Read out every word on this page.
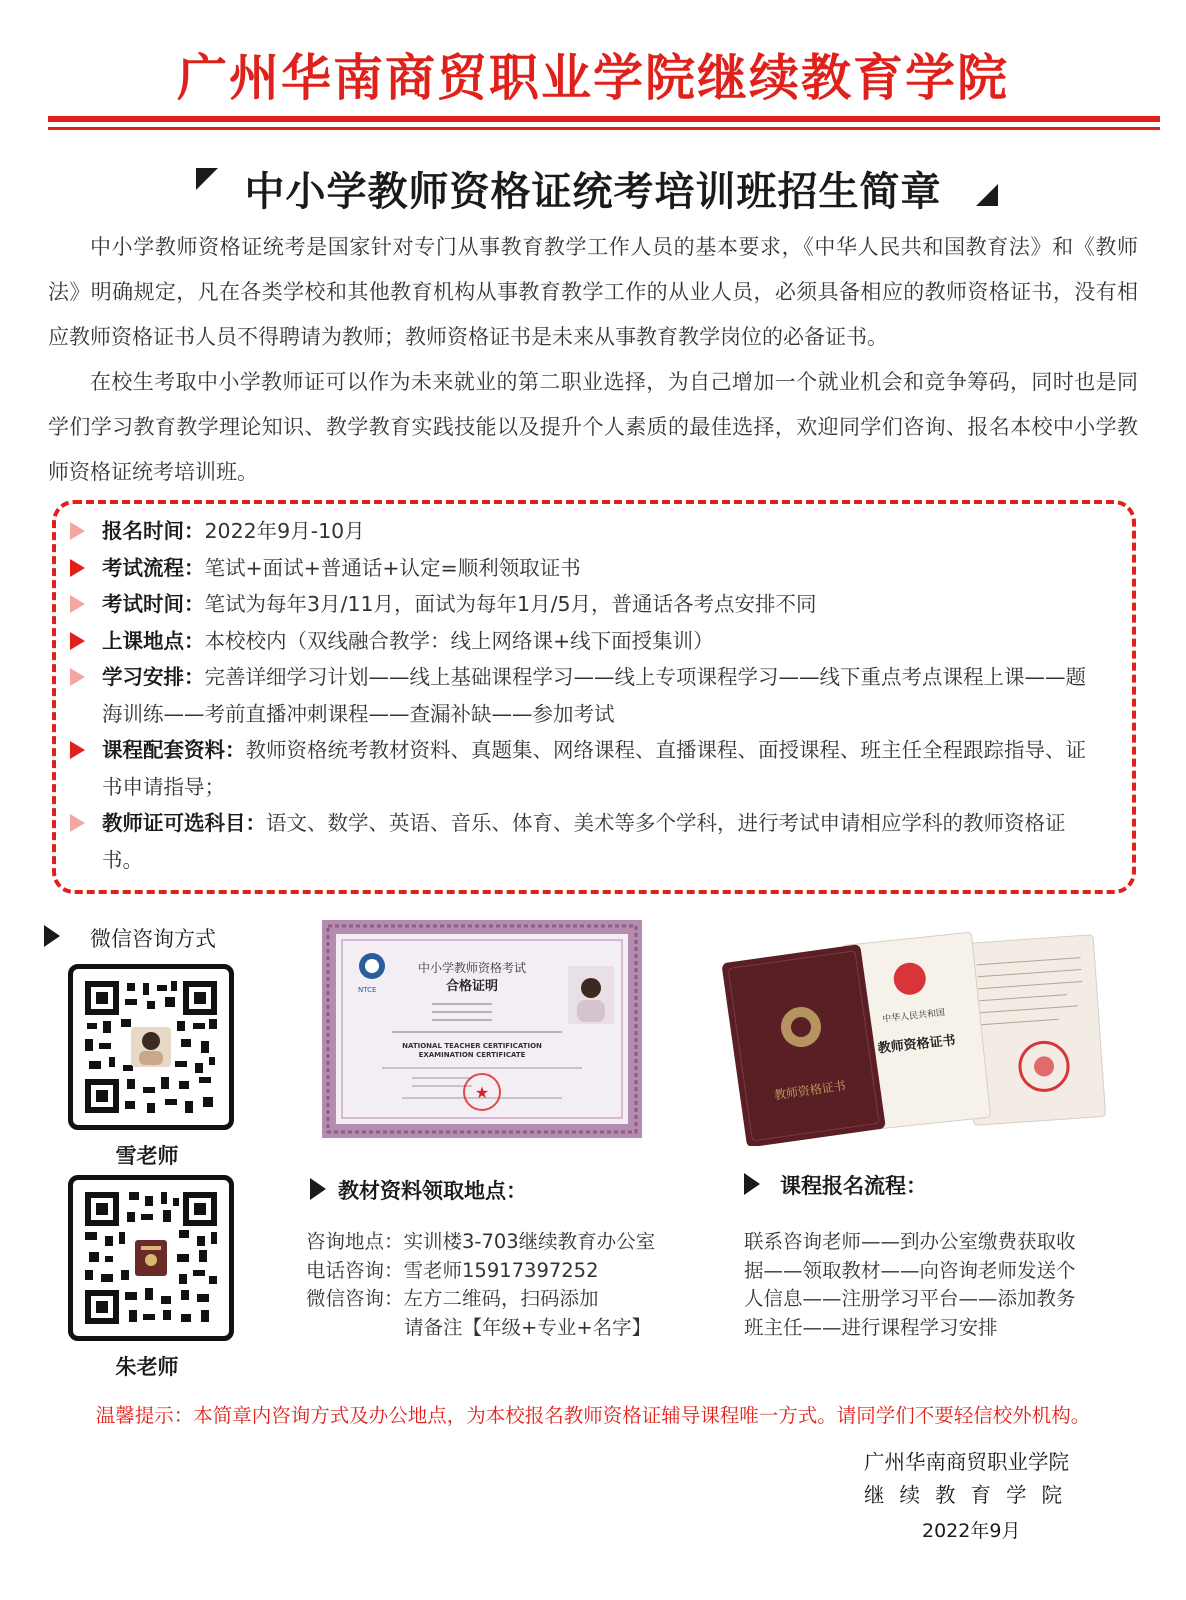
广州华南商贸职业学院继续教育学院
中小学教师资格证统考培训班招生简章

中小学教师资格证统考是国家针对专门从事教育教学工作人员的基本要求，《中华人民共和国教育法》和《教师法》明确规定，凡在各类学校和其他教育机构从事教育教学工作的从业人员，必须具备相应的教师资格证书，没有相应教师资格证书人员不得聘请为教师；教师资格证书是未来从事教育教学岗位的必备证书。

在校生考取中小学教师证可以作为未来就业的第二职业选择，为自己增加一个就业机会和竞争筹码，同时也是同学们学习教育教学理论知识、教学教育实践技能以及提升个人素质的最佳选择，欢迎同学们咨询、报名本校中小学教师资格证统考培训班。

报名时间：2022年9月-10月
考试流程：笔试+面试+普通话+认定=顺利领取证书
考试时间：笔试为每年3月/11月，面试为每年1月/5月，普通话各考点安排不同
上课地点：本校校内（双线融合教学：线上网络课+线下面授集训）
学习安排：完善详细学习计划——线上基础课程学习——线上专项课程学习——线下重点考点课程上课——题海训练——考前直播冲刺课程——查漏补缺——参加考试
课程配套资料：教师资格统考教材资料、真题集、网络课程、直播课程、面授课程、班主任全程跟踪指导、证书申请指导；
教师证可选科目：语文、数学、英语、音乐、体育、美术等多个学科，进行考试申请相应学科的教师资格证书。
微信咨询方式
雪老师
朱老师
NTCE
中小学教师资格考试
合格证明
NATIONAL TEACHER CERTIFICATION
EXAMINATION CERTIFICATE
★
中华人民共和国
教师资格证书
教师资格证书
教材资料领取地点：
咨询地点：实训楼3-703继续教育办公室
电话咨询：雪老师15917397252
微信咨询：左方二维码，扫码添加
请备注【年级+专业+名字】
课程报名流程：
联系咨询老师——到办公室缴费获取收据——领取教材——向咨询老师发送个人信息——注册学习平台——添加教务班主任——进行课程学习安排
温馨提示：本简章内咨询方式及办公地点，为本校报名教师资格证辅导课程唯一方式。请同学们不要轻信校外机构。
广州华南商贸职业学院
继续教育学院
2022年9月
